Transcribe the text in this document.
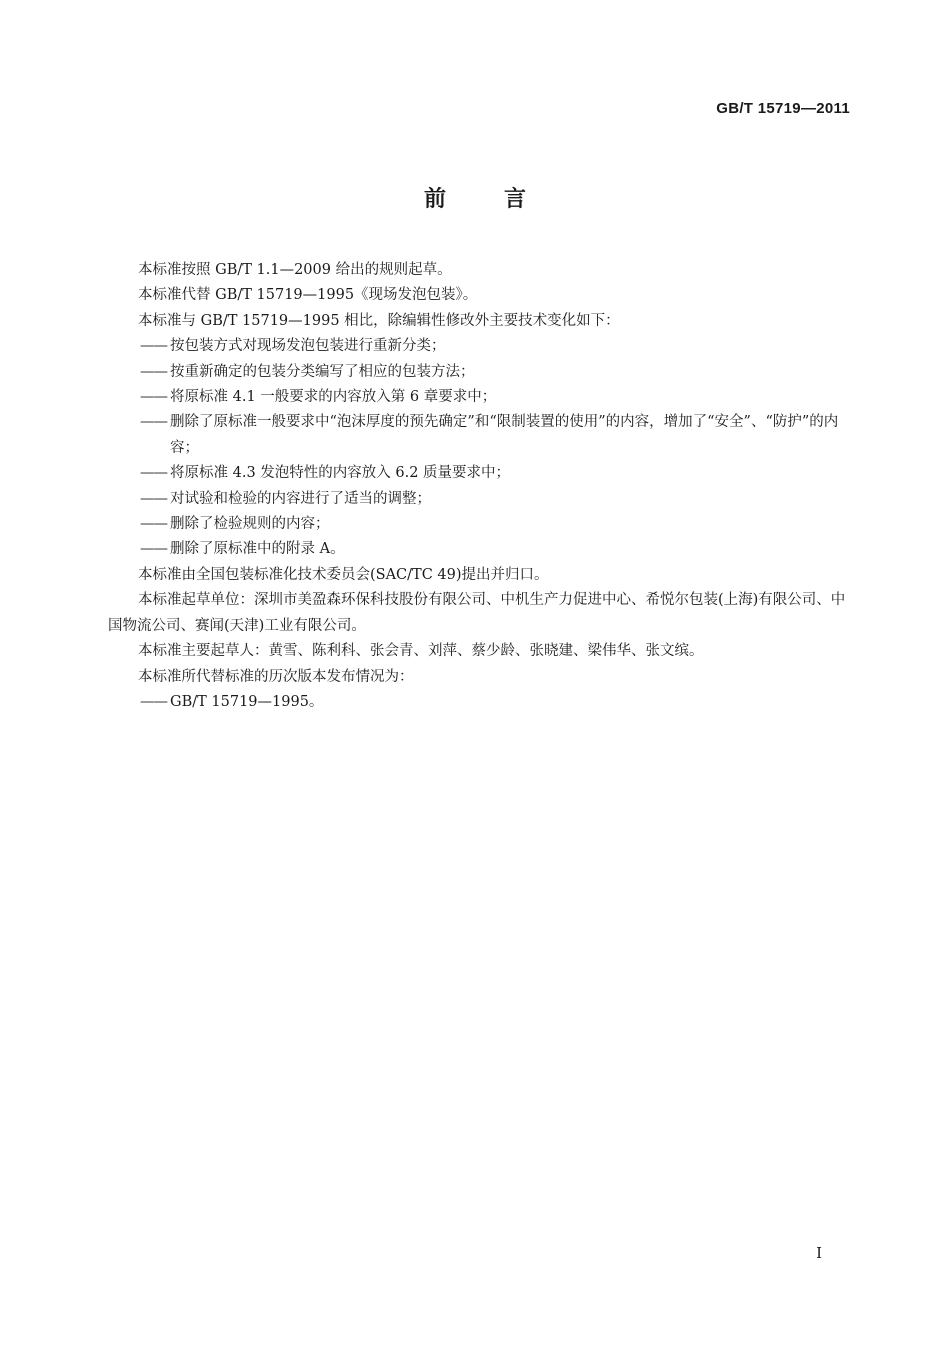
GB/T 15719—2011
前言

本标准按照 GB/T 1.1—2009 给出的规则起草。

本标准代替 GB/T 15719—1995《现场发泡包装》。

本标准与 GB/T 15719—1995 相比，除编辑性修改外主要技术变化如下：

—— 按包装方式对现场发泡包装进行重新分类；

—— 按重新确定的包装分类编写了相应的包装方法；

—— 将原标准 4.1 一般要求的内容放入第 6 章要求中；

—— 删除了原标准一般要求中“泡沫厚度的预先确定”和“限制装置的使用”的内容，增加了“安全”、“防护”的内容；

—— 将原标准 4.3 发泡特性的内容放入 6.2 质量要求中；

—— 对试验和检验的内容进行了适当的调整；

—— 删除了检验规则的内容；

—— 删除了原标准中的附录 A。

本标准由全国包装标准化技术委员会(SAC/TC 49)提出并归口。

本标准起草单位：深圳市美盈森环保科技股份有限公司、中机生产力促进中心、希悦尔包装(上海)有限公司、中国物流公司、赛闻(天津)工业有限公司。

本标准主要起草人：黄雪、陈利科、张会青、刘萍、蔡少龄、张晓建、梁伟华、张文缤。

本标准所代替标准的历次版本发布情况为：

—— GB/T 15719—1995。

I
